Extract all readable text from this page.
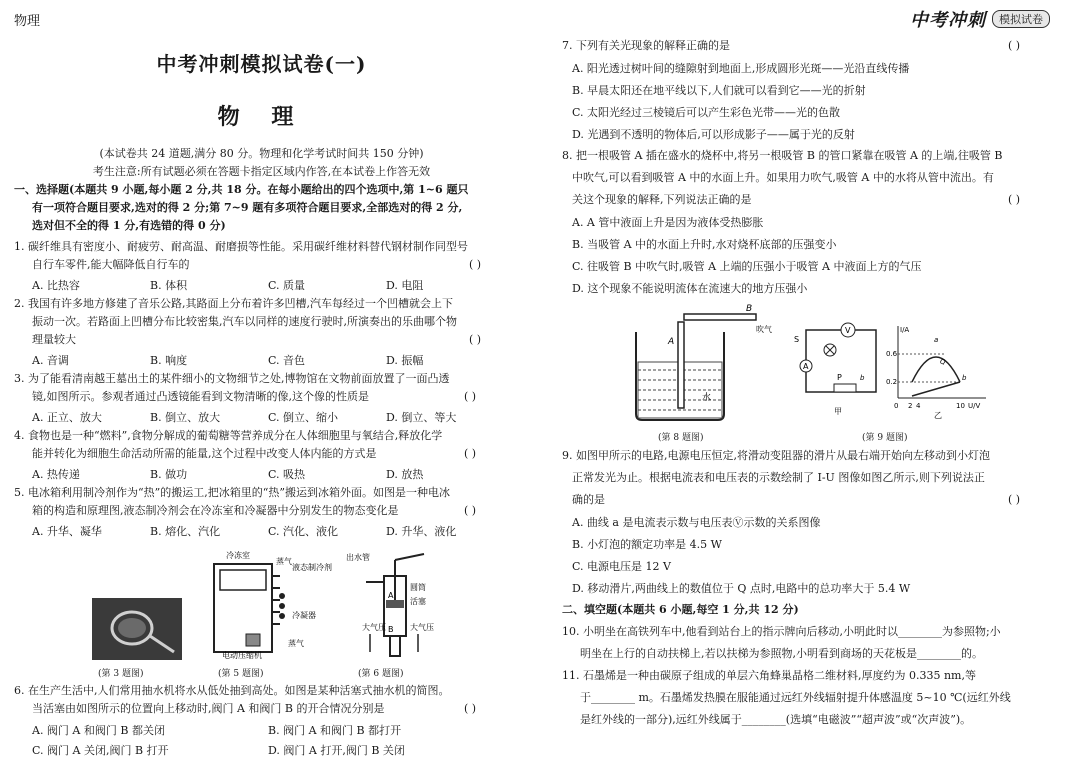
物理	中考冲刺	模拟试卷
中考冲刺模拟试卷(一)
物 理
(本试卷共 24 道题,满分 80 分。物理和化学考试时间共 150 分钟)
考生注意:所有试题必须在答题卡指定区域内作答,在本试卷上作答无效
一、选择题(本题共 9 小题,每小题 2 分,共 18 分。在每小题给出的四个选项中,第 1~6 题只
有一项符合题目要求,选对的得 2 分;第 7~9 题有多项符合题目要求,全部选对的得 2 分,
选对但不全的得 1 分,有选错的得 0 分)
1. 碳纤维具有密度小、耐疲劳、耐高温、耐磨损等性能。采用碳纤维材料替代钢材制作同型号
自行车零件,能大幅降低自行车的	( )
A. 比热容	B. 体积	C. 质量	D. 电阻
2. 我国有许多地方修建了音乐公路,其路面上分布着许多凹槽,汽车每经过一个凹槽就会上下
振动一次。若路面上凹槽分布比较密集,汽车以同样的速度行驶时,所演奏出的乐曲哪个物
理量较大	( )
A. 音调	B. 响度	C. 音色	D. 振幅
3. 为了能看清南越王墓出土的某件细小的文物细节之处,博物馆在文物前面放置了一面凸透
镜,如图所示。参观者通过凸透镜能看到文物清晰的像,这个像的性质是	( )
A. 正立、放大	B. 倒立、放大	C. 倒立、缩小	D. 倒立、等大
4. 食物也是一种“燃料”,食物分解成的葡萄糖等营养成分在人体细胞里与氧结合,释放化学
能并转化为细胞生命活动所需的能量,这个过程中改变人体内能的方式是	( )
A. 热传递	B. 做功	C. 吸热	D. 放热
5. 电冰箱利用制冷剂作为“热”的搬运工,把冰箱里的“热”搬运到冰箱外面。如图是一种电冰
箱的构造和原理图,液态制冷剂会在冷冻室和冷凝器中分别发生的物态变化是	( )
A. 升华、凝华	B. 熔化、汽化	C. 汽化、液化	D. 升华、液化
冷冻室
蒸气
液态制冷剂
冷凝器
蒸气
电动压缩机
出水管
圆筒
活塞
A
B
大气压	大气压
(第 3 题图)	(第 5 题图)	(第 6 题图)
6. 在生产生活中,人们常用抽水机将水从低处抽到高处。如图是某种活塞式抽水机的简图。
当活塞由如图所示的位置向上移动时,阀门 A 和阀门 B 的开合情况分别是	( )
A. 阀门 A 和阀门 B 都关闭	B. 阀门 A 和阀门 B 都打开
C. 阀门 A 关闭,阀门 B 打开	D. 阀门 A 打开,阀门 B 关闭
7. 下列有关光现象的解释正确的是	( )
A. 阳光透过树叶间的缝隙射到地面上,形成圆形光斑——光沿直线传播
B. 早晨太阳还在地平线以下,人们就可以看到它——光的折射
C. 太阳光经过三棱镜后可以产生彩色光带——光的色散
D. 光遇到不透明的物体后,可以形成影子——属于光的反射
8. 把一根吸管 A 插在盛水的烧杯中,将另一根吸管 B 的管口紧靠在吸管 A 的上端,往吸管 B
中吹气,可以看到吸管 A 中的水面上升。如果用力吹气,吸管 A 中的水将从管中流出。有
关这个现象的解释,下列说法正确的是	( )
A. A 管中液面上升是因为液体受热膨胀
B. 当吸管 A 中的水面上升时,水对烧杯底部的压强变小
C. 往吸管 B 中吹气时,吸管 A 上端的压强小于吸管 A 中液面上方的气压
D. 这个现象不能说明流体在流速大的地方压强小
B
吹气
A
水
V
A
P	b
S
甲
I/A
U/V
0.6
0.2
0 2 4	10
a
b
Q
乙
(第 8 题图)	(第 9 题图)
9. 如图甲所示的电路,电源电压恒定,将滑动变阻器的滑片从最右端开始向左移动到小灯泡
正常发光为止。根据电流表和电压表的示数绘制了 I-U 图像如图乙所示,则下列说法正
确的是	( )
A. 曲线 a 是电流表示数与电压表Ⓥ示数的关系图像
B. 小灯泡的额定功率是 4.5 W
C. 电源电压是 12 V
D. 移动滑片,两曲线上的数值位于 Q 点时,电路中的总功率大于 5.4 W
二、填空题(本题共 6 小题,每空 1 分,共 12 分)
10. 小明坐在高铁列车中,他看到站台上的指示牌向后移动,小明此时以________为参照物;小
明坐在上行的自动扶梯上,若以扶梯为参照物,小明看到商场的天花板是________的。
11. 石墨烯是一种由碳原子组成的单层六角蜂巢晶格二维材料,厚度约为 0.335 nm,等
于________ m。石墨烯发热膜在服能通过远红外线辐射提升体感温度 5~10 ℃(远红外线
是红外线的一部分),远红外线属于________(选填“电磁波”“超声波”或“次声波”)。
